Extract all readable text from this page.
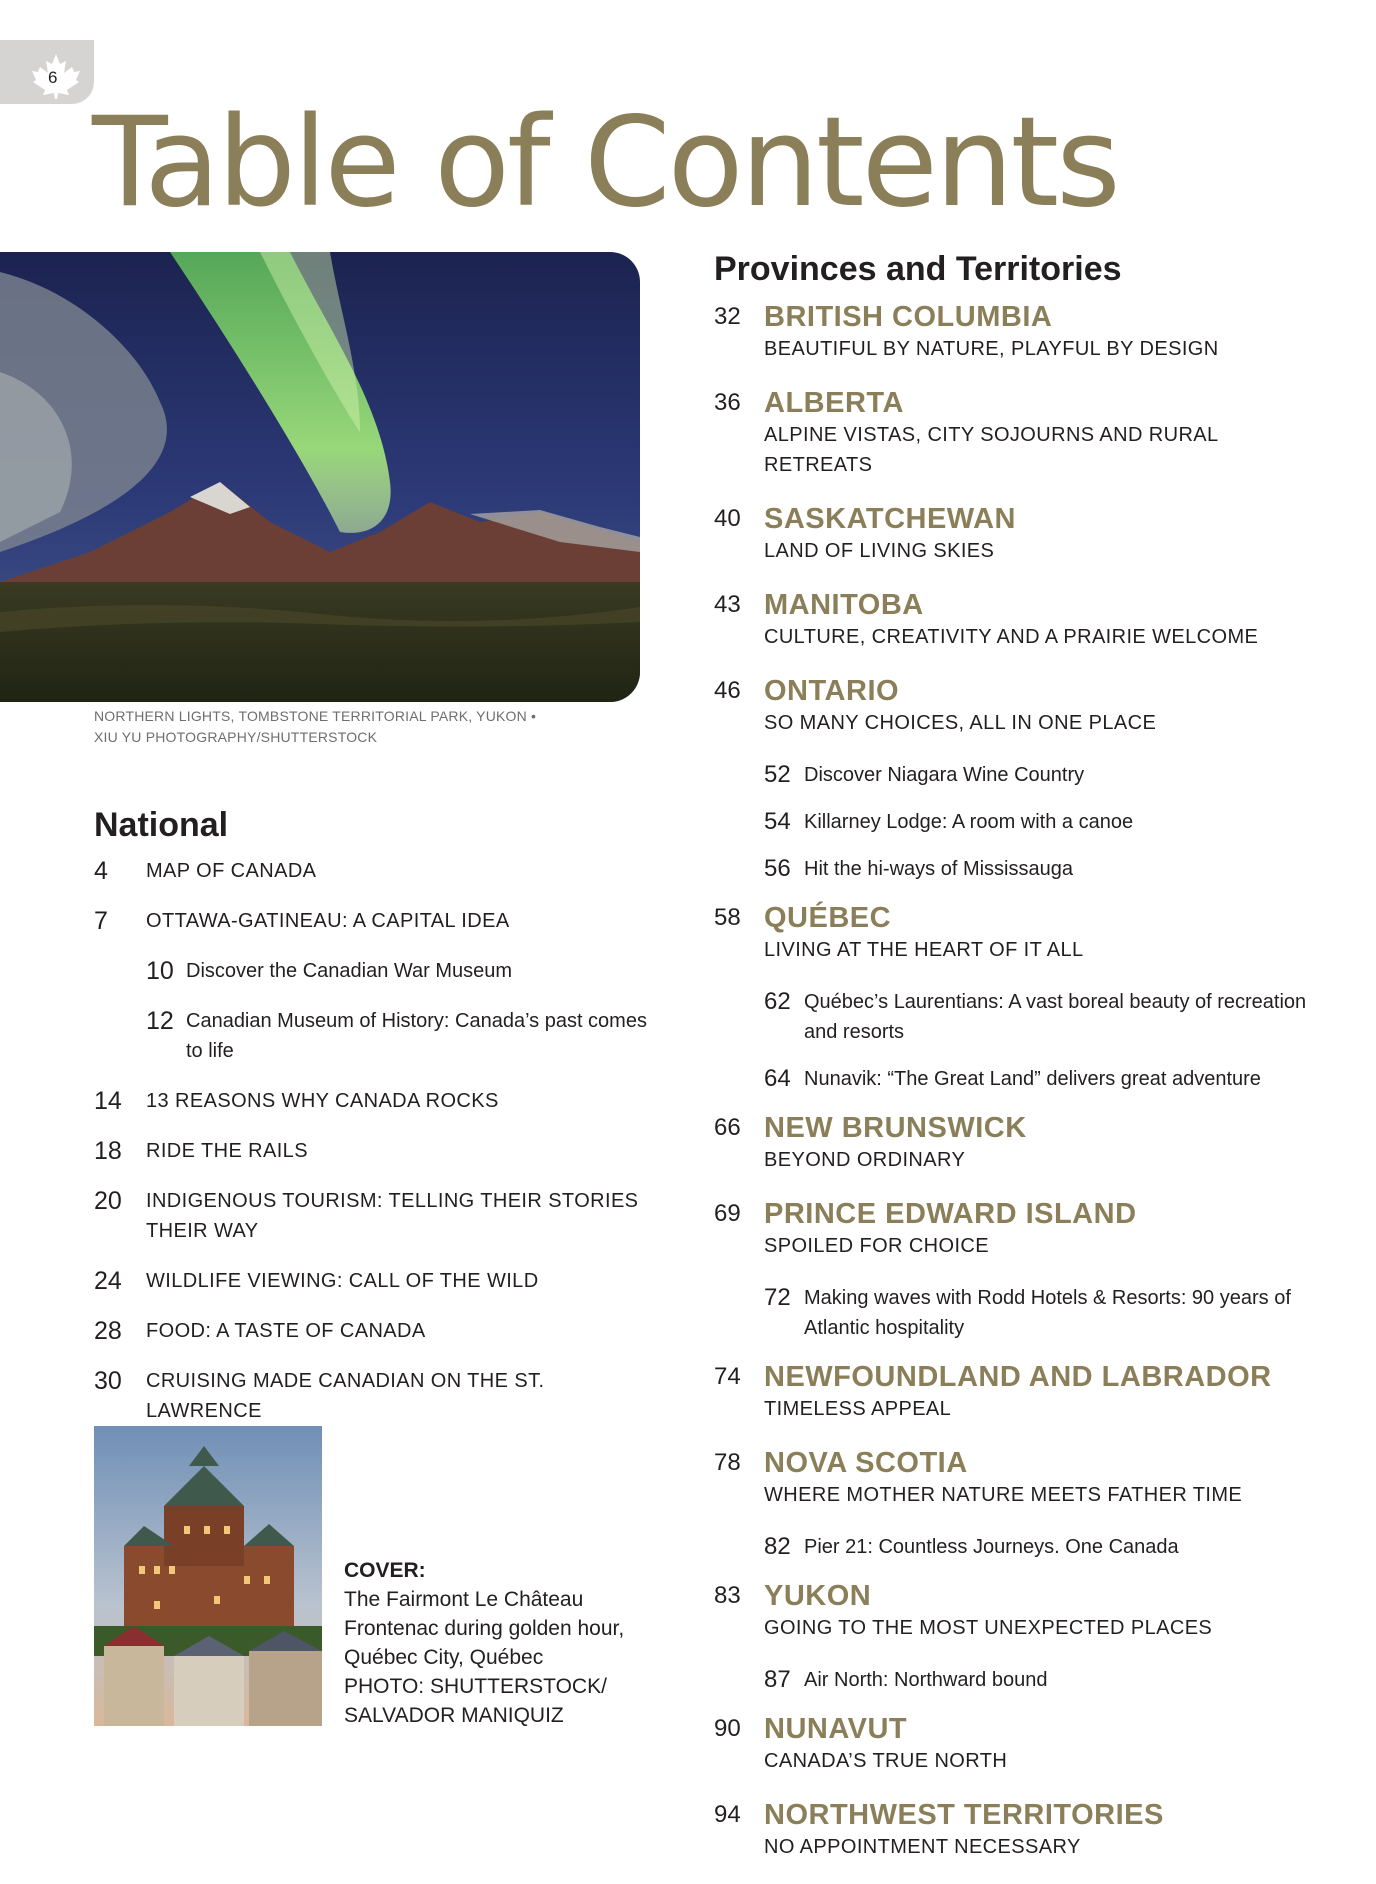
6
Table of Contents
NORTHERN LIGHTS, TOMBSTONE TERRITORIAL PARK, YUKON •
XIU YU PHOTOGRAPHY/SHUTTERSTOCK
National
4 MAP OF CANADA
7 OTTAWA-GATINEAU: A CAPITAL IDEA
10 Discover the Canadian War Museum
12 Canadian Museum of History: Canada’s past comes to life
14 13 REASONS WHY CANADA ROCKS
18 RIDE THE RAILS
20 INDIGENOUS TOURISM: TELLING THEIR STORIES THEIR WAY
24 WILDLIFE VIEWING: CALL OF THE WILD
28 FOOD: A TASTE OF CANADA
30 CRUISING MADE CANADIAN ON THE ST. LAWRENCE
COVER:
The Fairmont Le Château
Frontenac during golden hour,
Québec City, Québec
PHOTO: SHUTTERSTOCK/
SALVADOR MANIQUIZ
Provinces and Territories
32 BRITISH COLUMBIA
BEAUTIFUL BY NATURE, PLAYFUL BY DESIGN
36 ALBERTA
ALPINE VISTAS, CITY SOJOURNS AND RURAL RETREATS
40 SASKATCHEWAN
LAND OF LIVING SKIES
43 MANITOBA
CULTURE, CREATIVITY AND A PRAIRIE WELCOME
46 ONTARIO
SO MANY CHOICES, ALL IN ONE PLACE
52 Discover Niagara Wine Country
54 Killarney Lodge: A room with a canoe
56 Hit the hi-ways of Mississauga
58 QUÉBEC
LIVING AT THE HEART OF IT ALL
62 Québec’s Laurentians: A vast boreal beauty of recreation and resorts
64 Nunavik: “The Great Land” delivers great adventure
66 NEW BRUNSWICK
BEYOND ORDINARY
69 PRINCE EDWARD ISLAND
SPOILED FOR CHOICE
72 Making waves with Rodd Hotels & Resorts: 90 years of Atlantic hospitality
74 NEWFOUNDLAND AND LABRADOR
TIMELESS APPEAL
78 NOVA SCOTIA
WHERE MOTHER NATURE MEETS FATHER TIME
82 Pier 21: Countless Journeys. One Canada
83 YUKON
GOING TO THE MOST UNEXPECTED PLACES
87 Air North: Northward bound
90 NUNAVUT
CANADA’S TRUE NORTH
94 NORTHWEST TERRITORIES
NO APPOINTMENT NECESSARY
